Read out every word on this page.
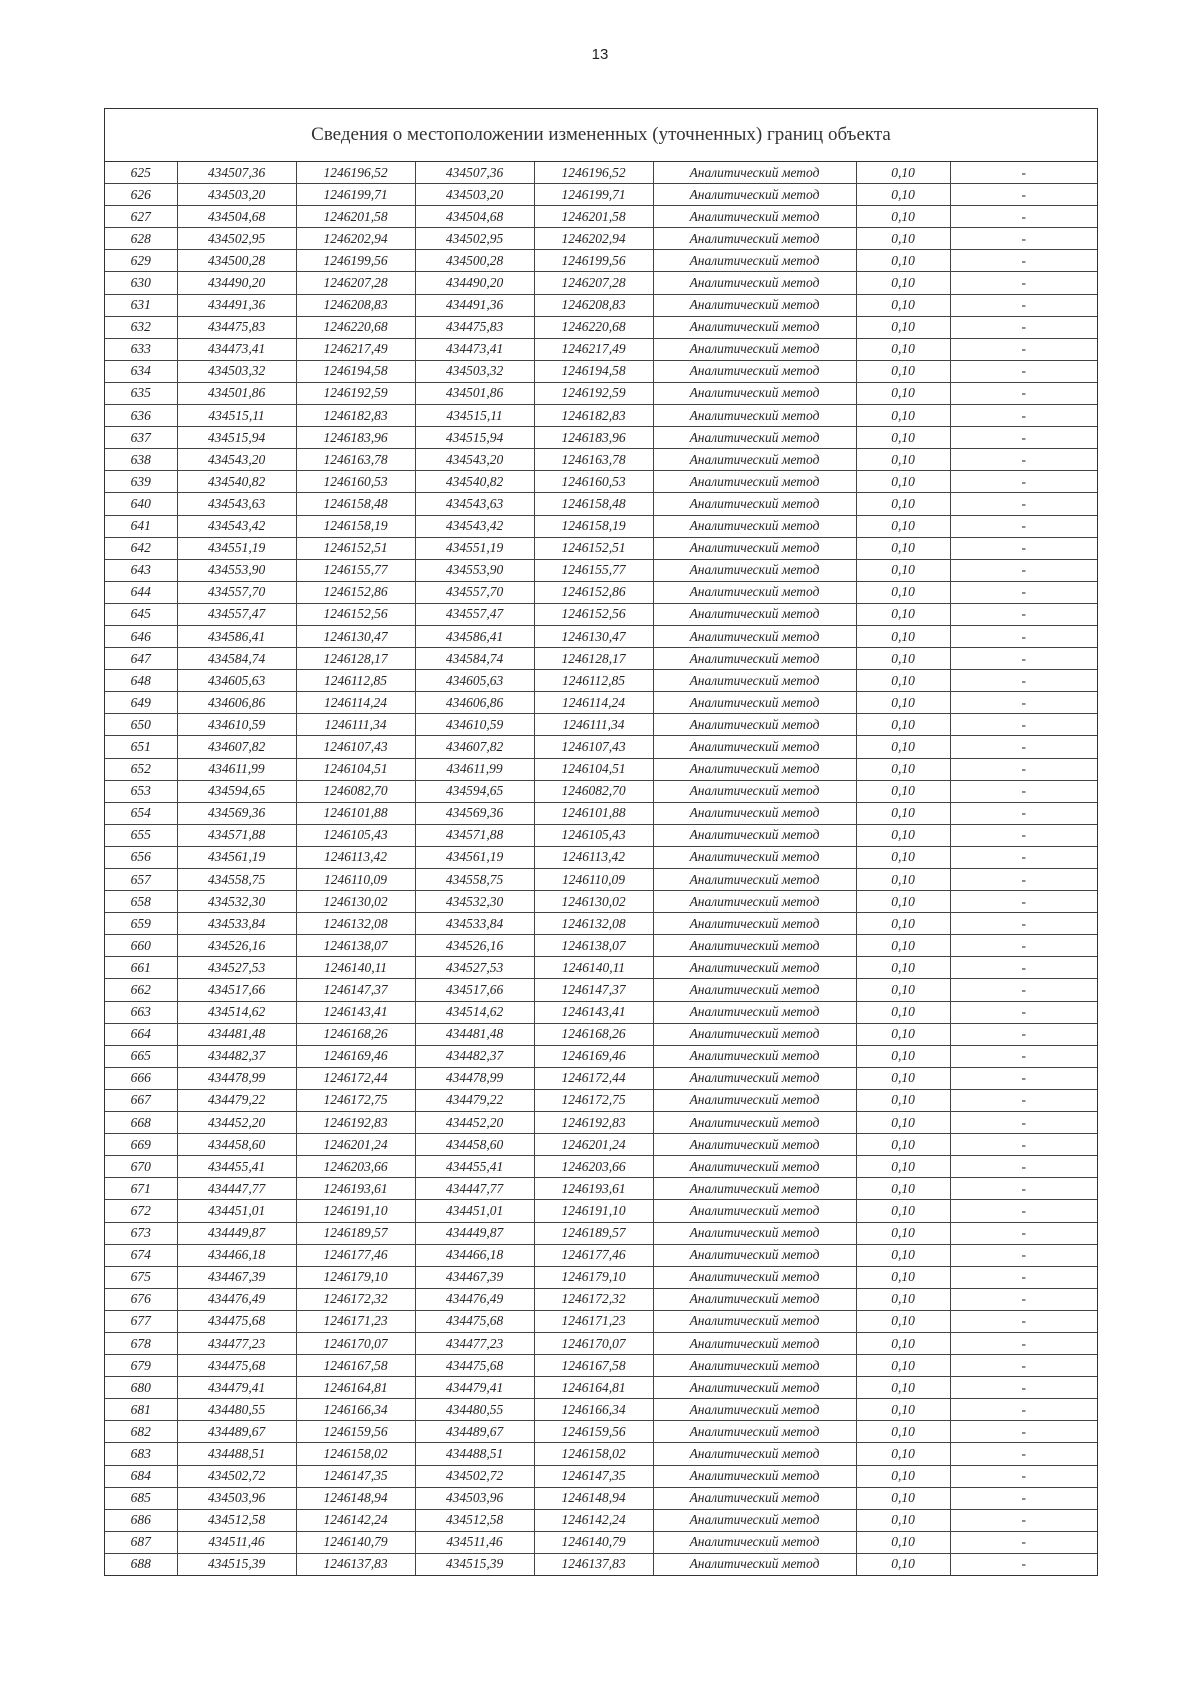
13
Сведения о местоположении измененных (уточненных) границ объекта
625	434507,36	1246196,52	434507,36	1246196,52	Аналитический метод	0,10	-
626	434503,20	1246199,71	434503,20	1246199,71	Аналитический метод	0,10	-
627	434504,68	1246201,58	434504,68	1246201,58	Аналитический метод	0,10	-
628	434502,95	1246202,94	434502,95	1246202,94	Аналитический метод	0,10	-
629	434500,28	1246199,56	434500,28	1246199,56	Аналитический метод	0,10	-
630	434490,20	1246207,28	434490,20	1246207,28	Аналитический метод	0,10	-
631	434491,36	1246208,83	434491,36	1246208,83	Аналитический метод	0,10	-
632	434475,83	1246220,68	434475,83	1246220,68	Аналитический метод	0,10	-
633	434473,41	1246217,49	434473,41	1246217,49	Аналитический метод	0,10	-
634	434503,32	1246194,58	434503,32	1246194,58	Аналитический метод	0,10	-
635	434501,86	1246192,59	434501,86	1246192,59	Аналитический метод	0,10	-
636	434515,11	1246182,83	434515,11	1246182,83	Аналитический метод	0,10	-
637	434515,94	1246183,96	434515,94	1246183,96	Аналитический метод	0,10	-
638	434543,20	1246163,78	434543,20	1246163,78	Аналитический метод	0,10	-
639	434540,82	1246160,53	434540,82	1246160,53	Аналитический метод	0,10	-
640	434543,63	1246158,48	434543,63	1246158,48	Аналитический метод	0,10	-
641	434543,42	1246158,19	434543,42	1246158,19	Аналитический метод	0,10	-
642	434551,19	1246152,51	434551,19	1246152,51	Аналитический метод	0,10	-
643	434553,90	1246155,77	434553,90	1246155,77	Аналитический метод	0,10	-
644	434557,70	1246152,86	434557,70	1246152,86	Аналитический метод	0,10	-
645	434557,47	1246152,56	434557,47	1246152,56	Аналитический метод	0,10	-
646	434586,41	1246130,47	434586,41	1246130,47	Аналитический метод	0,10	-
647	434584,74	1246128,17	434584,74	1246128,17	Аналитический метод	0,10	-
648	434605,63	1246112,85	434605,63	1246112,85	Аналитический метод	0,10	-
649	434606,86	1246114,24	434606,86	1246114,24	Аналитический метод	0,10	-
650	434610,59	1246111,34	434610,59	1246111,34	Аналитический метод	0,10	-
651	434607,82	1246107,43	434607,82	1246107,43	Аналитический метод	0,10	-
652	434611,99	1246104,51	434611,99	1246104,51	Аналитический метод	0,10	-
653	434594,65	1246082,70	434594,65	1246082,70	Аналитический метод	0,10	-
654	434569,36	1246101,88	434569,36	1246101,88	Аналитический метод	0,10	-
655	434571,88	1246105,43	434571,88	1246105,43	Аналитический метод	0,10	-
656	434561,19	1246113,42	434561,19	1246113,42	Аналитический метод	0,10	-
657	434558,75	1246110,09	434558,75	1246110,09	Аналитический метод	0,10	-
658	434532,30	1246130,02	434532,30	1246130,02	Аналитический метод	0,10	-
659	434533,84	1246132,08	434533,84	1246132,08	Аналитический метод	0,10	-
660	434526,16	1246138,07	434526,16	1246138,07	Аналитический метод	0,10	-
661	434527,53	1246140,11	434527,53	1246140,11	Аналитический метод	0,10	-
662	434517,66	1246147,37	434517,66	1246147,37	Аналитический метод	0,10	-
663	434514,62	1246143,41	434514,62	1246143,41	Аналитический метод	0,10	-
664	434481,48	1246168,26	434481,48	1246168,26	Аналитический метод	0,10	-
665	434482,37	1246169,46	434482,37	1246169,46	Аналитический метод	0,10	-
666	434478,99	1246172,44	434478,99	1246172,44	Аналитический метод	0,10	-
667	434479,22	1246172,75	434479,22	1246172,75	Аналитический метод	0,10	-
668	434452,20	1246192,83	434452,20	1246192,83	Аналитический метод	0,10	-
669	434458,60	1246201,24	434458,60	1246201,24	Аналитический метод	0,10	-
670	434455,41	1246203,66	434455,41	1246203,66	Аналитический метод	0,10	-
671	434447,77	1246193,61	434447,77	1246193,61	Аналитический метод	0,10	-
672	434451,01	1246191,10	434451,01	1246191,10	Аналитический метод	0,10	-
673	434449,87	1246189,57	434449,87	1246189,57	Аналитический метод	0,10	-
674	434466,18	1246177,46	434466,18	1246177,46	Аналитический метод	0,10	-
675	434467,39	1246179,10	434467,39	1246179,10	Аналитический метод	0,10	-
676	434476,49	1246172,32	434476,49	1246172,32	Аналитический метод	0,10	-
677	434475,68	1246171,23	434475,68	1246171,23	Аналитический метод	0,10	-
678	434477,23	1246170,07	434477,23	1246170,07	Аналитический метод	0,10	-
679	434475,68	1246167,58	434475,68	1246167,58	Аналитический метод	0,10	-
680	434479,41	1246164,81	434479,41	1246164,81	Аналитический метод	0,10	-
681	434480,55	1246166,34	434480,55	1246166,34	Аналитический метод	0,10	-
682	434489,67	1246159,56	434489,67	1246159,56	Аналитический метод	0,10	-
683	434488,51	1246158,02	434488,51	1246158,02	Аналитический метод	0,10	-
684	434502,72	1246147,35	434502,72	1246147,35	Аналитический метод	0,10	-
685	434503,96	1246148,94	434503,96	1246148,94	Аналитический метод	0,10	-
686	434512,58	1246142,24	434512,58	1246142,24	Аналитический метод	0,10	-
687	434511,46	1246140,79	434511,46	1246140,79	Аналитический метод	0,10	-
688	434515,39	1246137,83	434515,39	1246137,83	Аналитический метод	0,10	-
